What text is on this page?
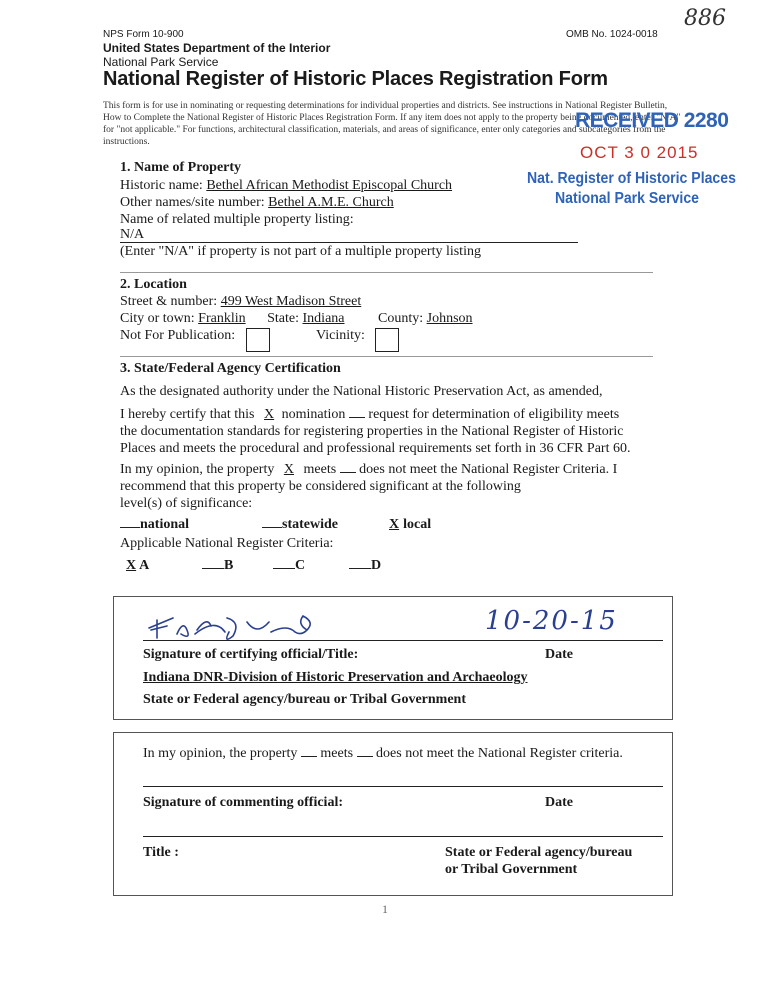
NPS Form 10-900	OMB No. 1024-0018
886
United States Department of the Interior
National Park Service
National Register of Historic Places Registration Form
This form is for use in nominating or requesting determinations for individual properties and districts. See instructions in National Register Bulletin, How to Complete the National Register of Historic Places Registration Form. If any item does not apply to the property being documented, enter "N/A" for "not applicable." For functions, architectural classification, materials, and areas of significance, enter only categories and subcategories from the instructions.
RECEIVED 2280
OCT 3 0 2015
Nat. Register of Historic Places
National Park Service
1. Name of Property
Historic name: Bethel African Methodist Episcopal Church
Other names/site number: Bethel A.M.E. Church
Name of related multiple property listing:
N/A
(Enter "N/A" if property is not part of a multiple property listing
2. Location
Street & number: 499 West Madison Street
City or town: Franklin State: Indiana County: Johnson
Not For Publication:	Vicinity:
3. State/Federal Agency Certification
As the designated authority under the National Historic Preservation Act, as amended,
I hereby certify that this X nomination request for determination of eligibility meets
the documentation standards for registering properties in the National Register of Historic
Places and meets the procedural and professional requirements set forth in 36 CFR Part 60.
In my opinion, the property X meets does not meet the National Register Criteria. I
recommend that this property be considered significant at the following
level(s) of significance:
national	statewide	X local
Applicable National Register Criteria:
X A	B	C	D
10-20-15
Signature of certifying official/Title:	Date
Indiana DNR-Division of Historic Preservation and Archaeology
State or Federal agency/bureau or Tribal Government
In my opinion, the property meets does not meet the National Register criteria.
Signature of commenting official:	Date
Title :	State or Federal agency/bureau
or Tribal Government
1
